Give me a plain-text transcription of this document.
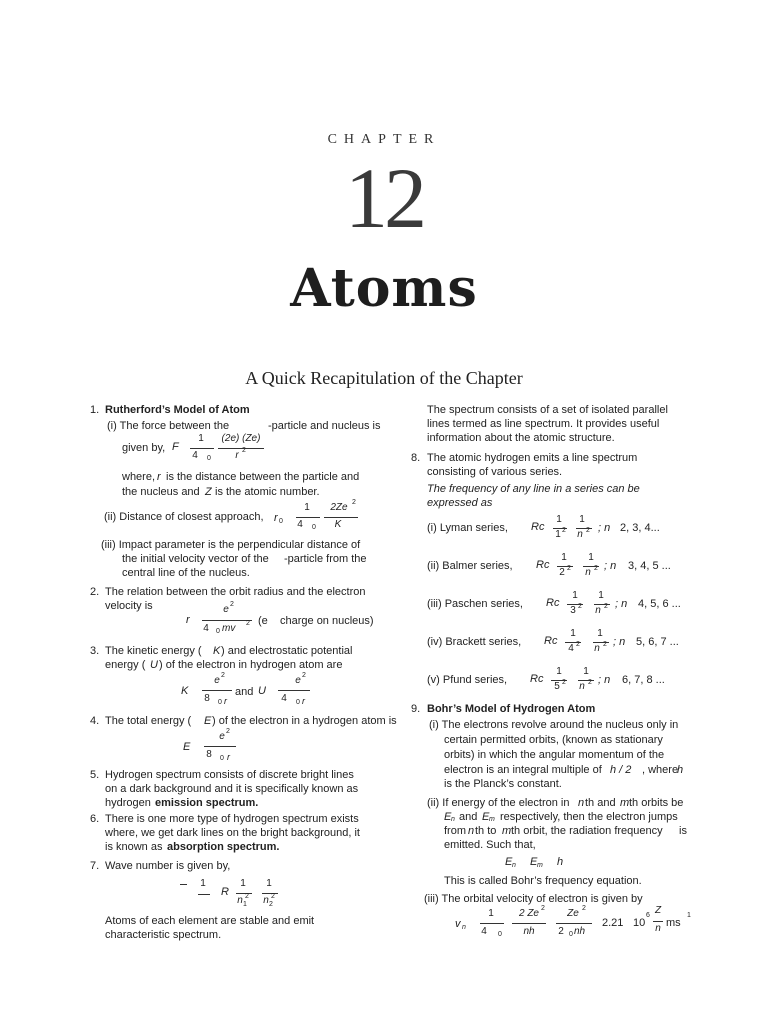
CHAPTER
12
Atoms
A Quick Recapitulation of the Chapter
1. Rutherford’s Model of Atom
(i) The force between the	-particle and nucleus is
given by, F
1
4	0
(2e) (Ze)
r 2
where, r is the distance between the particle and
the nucleus and Z is the atomic number.
(ii) Distance of closest approach, r 0
1
4	0
2Ze 2
K
(iii) Impact parameter is the perpendicular distance of
the initial velocity vector of the -particle from the
central line of the nucleus.
2. The relation between the orbit radius and the electron
velocity is
r
e 2
4	0 mv 2 (e charge on nucleus)
3. The kinetic energy ( K ) and electrostatic potential
energy ( U ) of the electron in hydrogen atom are
K
e 2
8	0 r
and U
e 2
4	0 r
4. The total energy ( E ) of the electron in a hydrogen atom is
E
e 2
8	0 r
5. Hydrogen spectrum consists of discrete bright lines
on a dark background and it is specifically known as
hydrogen emission spectrum.
6. There is one more type of hydrogen spectrum exists
where, we get dark lines on the bright background, it
is known as absorption spectrum.
7. Wave number is given by,
1
R
1
n 2
1
1
n 2
2
Atoms of each element are stable and emit
characteristic spectrum.
The spectrum consists of a set of isolated parallel
lines termed as line spectrum. It provides useful
information about the atomic structure.
8. The atomic hydrogen emits a line spectrum
consisting of various series.
The frequency of any line in a series can be
expressed as
(i) Lyman series, Rc
1
1 2
1
n 2 ; n 2, 3, 4...
(ii) Balmer series, Rc
1
2 2
1
n 2 ; n 3, 4, 5 ...
(iii) Paschen series, Rc
1
3 2
1
n 2 ; n 4, 5, 6 ...
(iv) Brackett series, Rc
1
4 2
1
n 2 ; n 5, 6, 7 ...
(v) Pfund series, Rc
1
5 2
1
n 2 ; n 6, 7, 8 ...
9. Bohr’s Model of Hydrogen Atom
(i) The electrons revolve around the nucleus only in
certain permitted orbits, (known as stationary
orbits) in which the angular momentum of the
electron is an integral multiple of h / 2 , where
h
is the Planck’s constant.
(ii) If energy of the electron in n th and m th orbits be
E n and E m respectively, then the electron jumps
from n th to m th orbit, the radiation frequency is
emitted. Such that,
E n E m h
This is called Bohr’s frequency equation.
(iii) The orbital velocity of electron is given by
v n
1
4	0
2 Ze 2
nh
Ze 2
2 0 nh
2.21 10
6 Z
n ms
1
